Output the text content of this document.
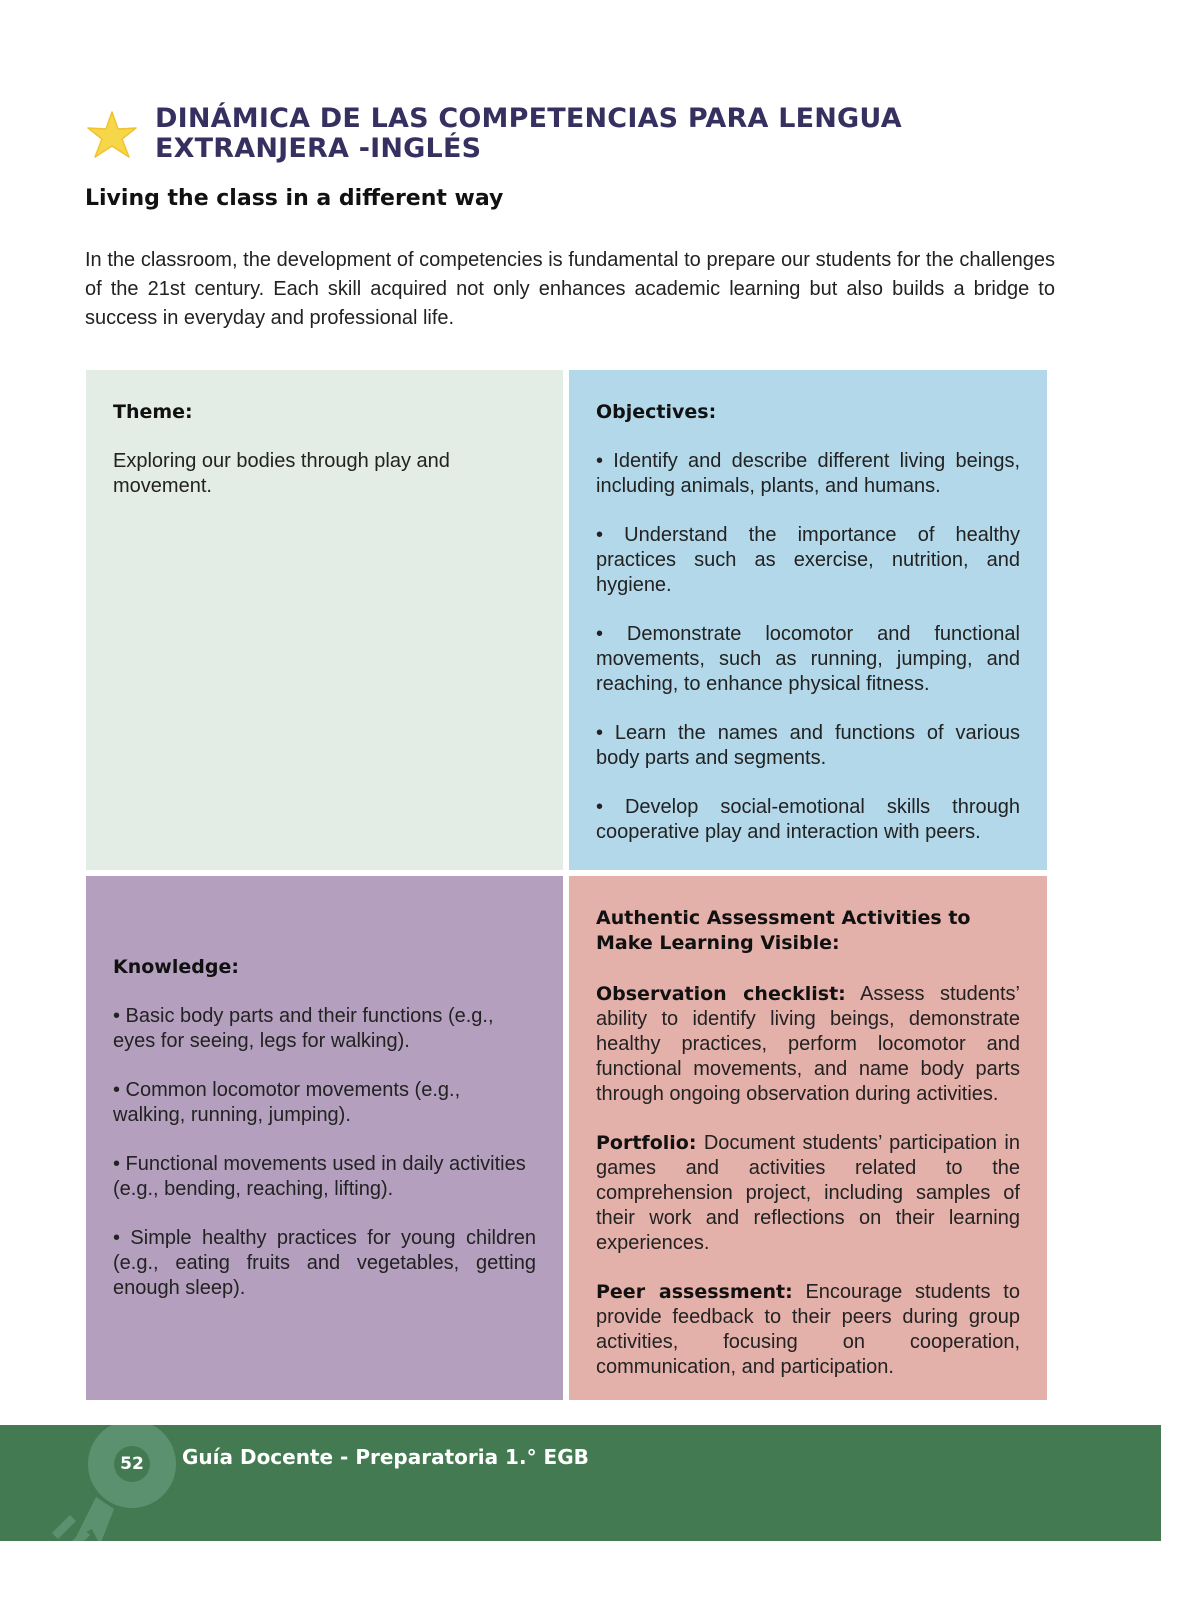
DINÁMICA DE LAS COMPETENCIAS PARA LENGUA
EXTRANJERA -INGLÉS
Living the class in a different way

In the classroom, the development of competencies is fundamental to prepare our students for the challenges of the 21st century. Each skill acquired not only enhances academic learning but also builds a bridge to success in everyday and professional life.

Theme:

Exploring our bodies through play and movement.

Objectives:

• Identify and describe different living beings, including animals, plants, and humans.

• Understand the importance of healthy practices such as exercise, nutrition, and hygiene.

• Demonstrate locomotor and functional movements, such as running, jumping, and reaching, to enhance physical fitness.

• Learn the names and functions of various body parts and segments.

• Develop social-emotional skills through cooperative play and interaction with peers.

Knowledge:

• Basic body parts and their functions (e.g., eyes for seeing, legs for walking).

• Common locomotor movements (e.g., walking, running, jumping).

• Functional movements used in daily activities (e.g., bending, reaching, lifting).

• Simple healthy practices for young children (e.g., eating fruits and vegetables, getting enough sleep).

Authentic Assessment Activities to Make Learning Visible:

Observation checklist: Assess students’ ability to identify living beings, demonstrate healthy practices, perform locomotor and functional movements, and name body parts through ongoing observation during activities.

Portfolio: Document students’ participation in games and activities related to the comprehension project, including samples of their work and reflections on their learning experiences.

Peer assessment: Encourage students to provide feedback to their peers during group activities, focusing on cooperation, communication, and participation.

52 Guía Docente - Preparatoria 1.° EGB
